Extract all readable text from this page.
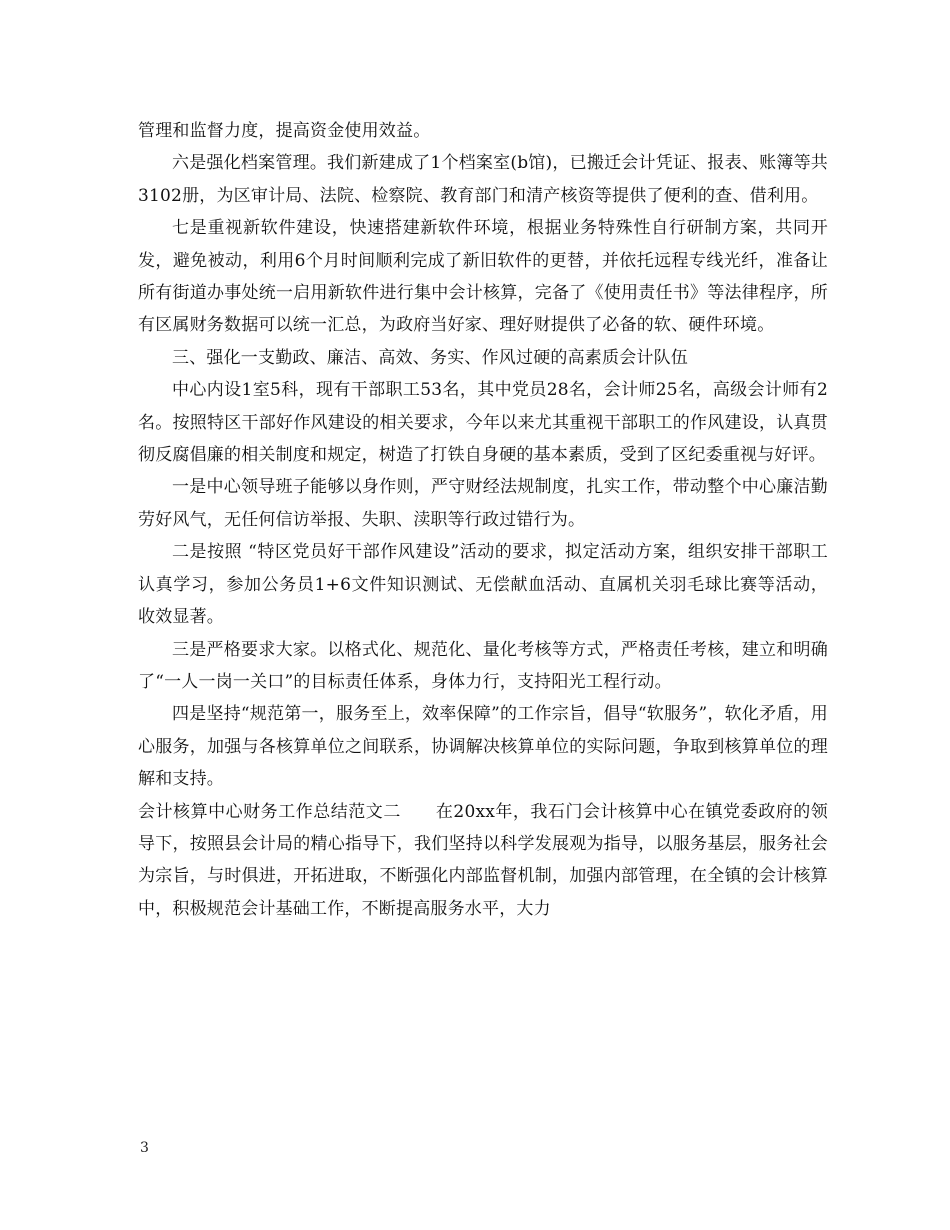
管理和监督力度，提高资金使用效益。

六是强化档案管理。我们新建成了1个档案室(b馆)，已搬迁会计凭证、报表、账簿等共3102册，为区审计局、法院、检察院、教育部门和清产核资等提供了便利的查、借利用。

七是重视新软件建设，快速搭建新软件环境，根据业务特殊性自行研制方案，共同开发，避免被动，利用6个月时间顺利完成了新旧软件的更替，并依托远程专线光纤，准备让所有街道办事处统一启用新软件进行集中会计核算，完备了《使用责任书》等法律程序，所有区属财务数据可以统一汇总，为政府当好家、理好财提供了必备的软、硬件环境。

三、强化一支勤政、廉洁、高效、务实、作风过硬的高素质会计队伍

中心内设1室5科，现有干部职工53名，其中党员28名，会计师25名，高级会计师有2名。按照特区干部好作风建设的相关要求，今年以来尤其重视干部职工的作风建设，认真贯彻反腐倡廉的相关制度和规定，树造了打铁自身硬的基本素质，受到了区纪委重视与好评。

一是中心领导班子能够以身作则，严守财经法规制度，扎实工作，带动整个中心廉洁勤劳好风气，无任何信访举报、失职、渎职等行政过错行为。

二是按照 “特区党员好干部作风建设”活动的要求，拟定活动方案，组织安排干部职工认真学习，参加公务员1+6文件知识测试、无偿献血活动、直属机关羽毛球比赛等活动，收效显著。

三是严格要求大家。以格式化、规范化、量化考核等方式，严格责任考核，建立和明确了“一人一岗一关口”的目标责任体系，身体力行，支持阳光工程行动。

四是坚持“规范第一，服务至上，效率保障”的工作宗旨，倡导“软服务”，软化矛盾，用心服务，加强与各核算单位之间联系，协调解决核算单位的实际问题，争取到核算单位的理解和支持。

会计核算中心财务工作总结范文二　　在20xx年，我石门会计核算中心在镇党委政府的领导下，按照县会计局的精心指导下，我们坚持以科学发展观为指导，以服务基层，服务社会为宗旨，与时俱进，开拓进取，不断强化内部监督机制，加强内部管理，在全镇的会计核算中，积极规范会计基础工作，不断提高服务水平，大力

3
